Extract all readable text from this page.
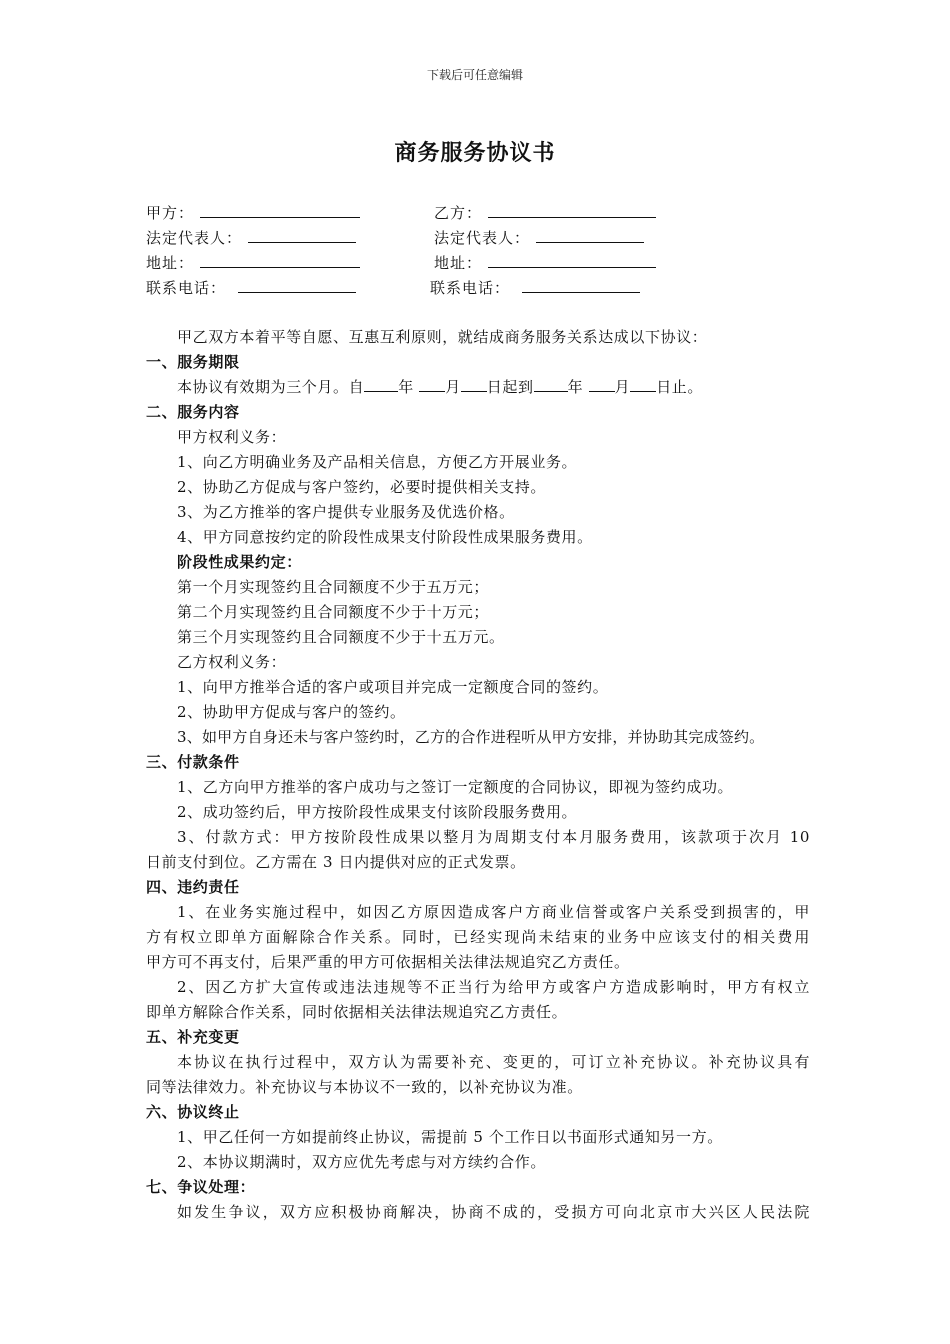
下载后可任意编辑
商务服务协议书
甲方：	乙方：
法定代表人：	法定代表人：
地址：	地址：
联系电话：	联系电话：
甲乙双方本着平等自愿、互惠互利原则，就结成商务服务关系达成以下协议：
一、服务期限
本协议有效期为三个月。自 年 月 日起到 年 月 日止。
二、服务内容
甲方权利义务：
1、向乙方明确业务及产品相关信息，方便乙方开展业务。
2、协助乙方促成与客户签约，必要时提供相关支持。
3、为乙方推举的客户提供专业服务及优选价格。
4、甲方同意按约定的阶段性成果支付阶段性成果服务费用。
阶段性成果约定：
第一个月实现签约且合同额度不少于五万元；
第二个月实现签约且合同额度不少于十万元；
第三个月实现签约且合同额度不少于十五万元。
乙方权利义务：
1、向甲方推举合适的客户或项目并完成一定额度合同的签约。
2、协助甲方促成与客户的签约。
3、如甲方自身还未与客户签约时，乙方的合作进程听从甲方安排，并协助其完成签约。
三、付款条件
1、乙方向甲方推举的客户成功与之签订一定额度的合同协议，即视为签约成功。
2、成功签约后，甲方按阶段性成果支付该阶段服务费用。
3、付款方式：甲方按阶段性成果以整月为周期支付本月服务费用，该款项于次月 10
日前支付到位。乙方需在 3 日内提供对应的正式发票。
四、违约责任
1、在业务实施过程中，如因乙方原因造成客户方商业信誉或客户关系受到损害的，甲
方有权立即单方面解除合作关系。同时，已经实现尚未结束的业务中应该支付的相关费用
甲方可不再支付，后果严重的甲方可依据相关法律法规追究乙方责任。
2、因乙方扩大宣传或违法违规等不正当行为给甲方或客户方造成影响时，甲方有权立
即单方解除合作关系，同时依据相关法律法规追究乙方责任。
五、补充变更
本协议在执行过程中，双方认为需要补充、变更的，可订立补充协议。补充协议具有
同等法律效力。补充协议与本协议不一致的，以补充协议为准。
六、协议终止
1、甲乙任何一方如提前终止协议，需提前 5 个工作日以书面形式通知另一方。
2、本协议期满时，双方应优先考虑与对方续约合作。
七、争议处理：
如发生争议，双方应积极协商解决，协商不成的，受损方可向北京市大兴区人民法院
